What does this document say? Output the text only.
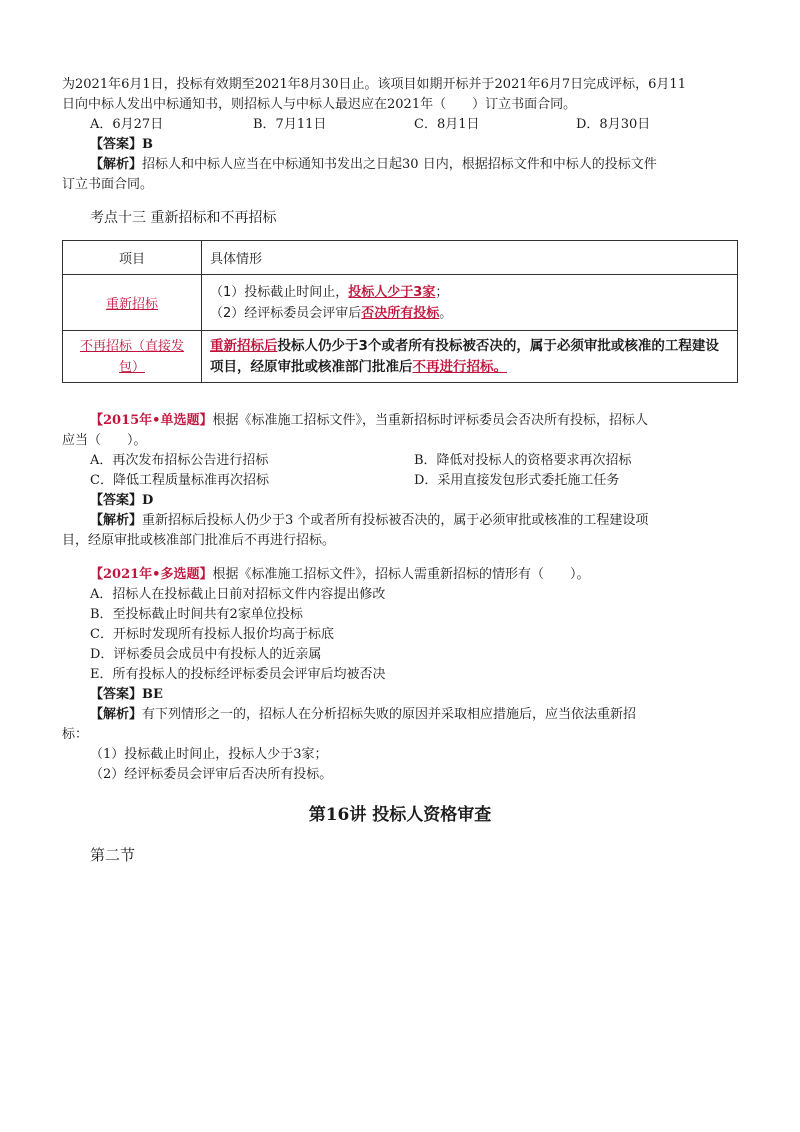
为2021年6月1日，投标有效期至2021年8月30日止。该项目如期开标并于2021年6月7日完成评标，6月11
日向中标人发出中标通知书，则招标人与中标人最迟应在2021年（　　）订立书面合同。
A．6月27日	B．7月11日	C．8月1日	D．8月30日
【答案】B
【解析】招标人和中标人应当在中标通知书发出之日起30 日内，根据招标文件和中标人的投标文件
订立书面合同。
考点十三 重新招标和不再招标
项目	具体情形
重新招标	（1）投标截止时间止，投标人少于3家；
（2）经评标委员会评审后否决所有投标。

不再招标（直接发包）	重新招标后投标人仍少于3个或者所有投标被否决的，属于必须审批或核准的工程建设项目，经原审批或核准部门批准后不再进行招标。
【2015年•单选题】根据《标准施工招标文件》，当重新招标时评标委员会否决所有投标，招标人
应当（　　）。
A．再次发布招标公告进行招标	B．降低对投标人的资格要求再次招标
C．降低工程质量标准再次招标	D．采用直接发包形式委托施工任务
【答案】D
【解析】重新招标后投标人仍少于3 个或者所有投标被否决的，属于必须审批或核准的工程建设项
目，经原审批或核准部门批准后不再进行招标。
【2021年•多选题】根据《标准施工招标文件》，招标人需重新招标的情形有（　　）。
A．招标人在投标截止日前对招标文件内容提出修改
B．至投标截止时间共有2家单位投标
C．开标时发现所有投标人报价均高于标底
D．评标委员会成员中有投标人的近亲属
E．所有投标人的投标经评标委员会评审后均被否决
【答案】BE
【解析】有下列情形之一的，招标人在分析招标失败的原因并采取相应措施后，应当依法重新招
标：
（1）投标截止时间止，投标人少于3家；
（2）经评标委员会评审后否决所有投标。
第16讲 投标人资格审查
第二节
